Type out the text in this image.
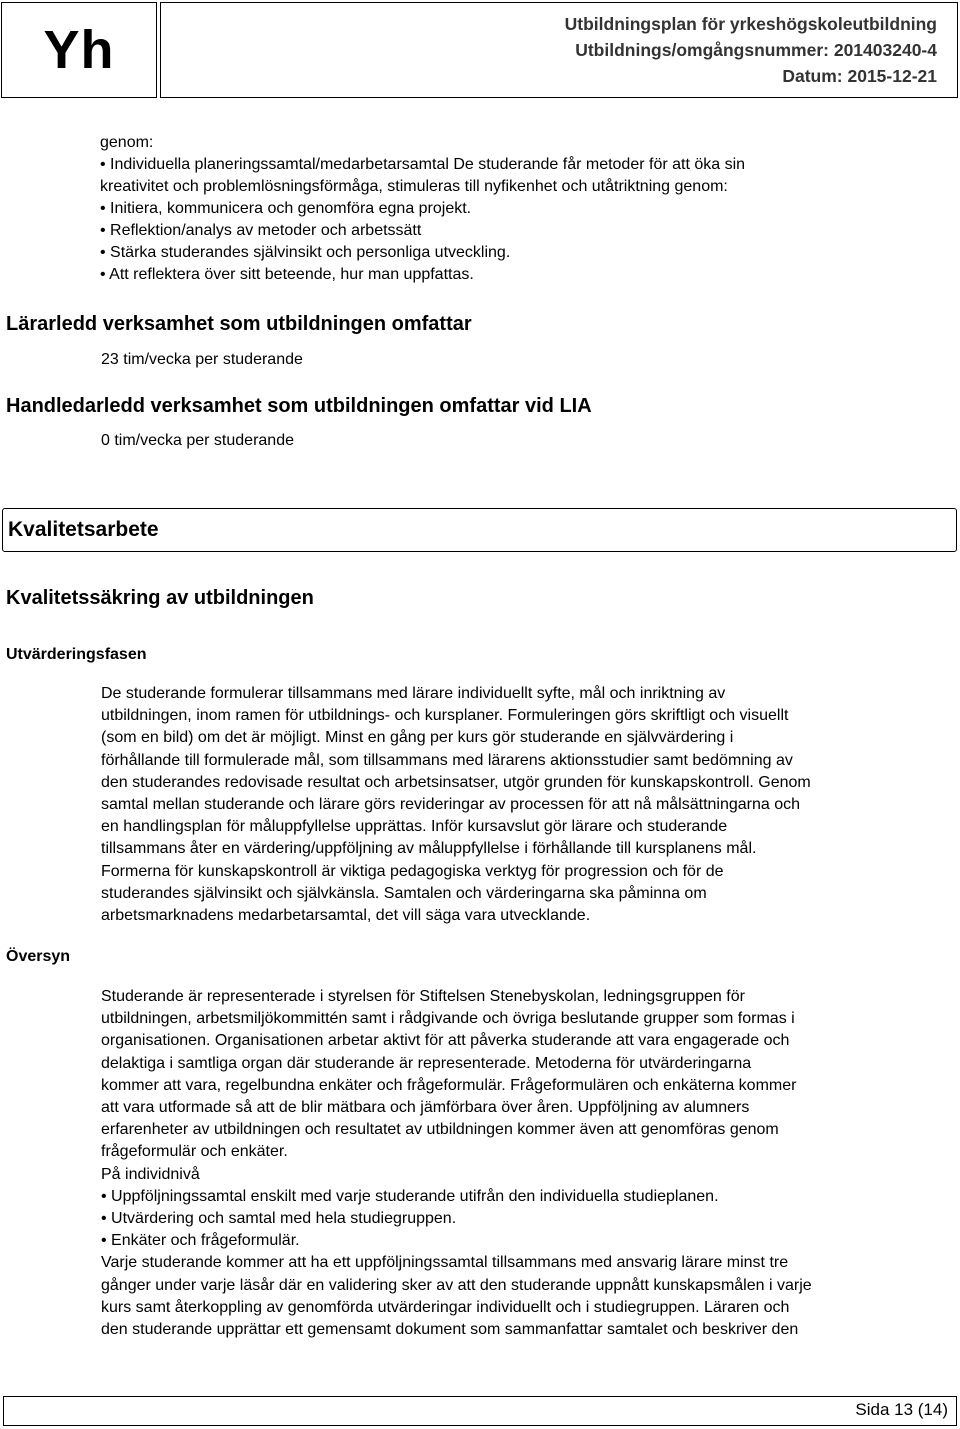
Yh	Utbildningsplan för yrkeshögskoleutbildning
Utbildnings/omgångsnummer: 201403240-4
Datum: 2015-12-21
genom:
• Individuella planeringssamtal/medarbetarsamtal De studerande får metoder för att öka sin
kreativitet och problemlösningsförmåga, stimuleras till nyfikenhet och utåtriktning genom:
• Initiera, kommunicera och genomföra egna projekt.
• Reflektion/analys av metoder och arbetssätt
• Stärka studerandes självinsikt och personliga utveckling.
• Att reflektera över sitt beteende, hur man uppfattas.
Lärarledd verksamhet som utbildningen omfattar
23 tim/vecka per studerande
Handledarledd verksamhet som utbildningen omfattar vid LIA
0 tim/vecka per studerande
Kvalitetsarbete
Kvalitetssäkring av utbildningen
Utvärderingsfasen
De studerande formulerar tillsammans med lärare individuellt syfte, mål och inriktning av
utbildningen, inom ramen för utbildnings- och kursplaner. Formuleringen görs skriftligt och visuellt
(som en bild) om det är möjligt. Minst en gång per kurs gör studerande en självvärdering i
förhållande till formulerade mål, som tillsammans med lärarens aktionsstudier samt bedömning av
den studerandes redovisade resultat och arbetsinsatser, utgör grunden för kunskapskontroll. Genom
samtal mellan studerande och lärare görs revideringar av processen för att nå målsättningarna och
en handlingsplan för måluppfyllelse upprättas. Inför kursavslut gör lärare och studerande
tillsammans åter en värdering/uppföljning av måluppfyllelse i förhållande till kursplanens mål.
Formerna för kunskapskontroll är viktiga pedagogiska verktyg för progression och för de
studerandes självinsikt och självkänsla. Samtalen och värderingarna ska påminna om
arbetsmarknadens medarbetarsamtal, det vill säga vara utvecklande.
Översyn
Studerande är representerade i styrelsen för Stiftelsen Stenebyskolan, ledningsgruppen för
utbildningen, arbetsmiljökommittén samt i rådgivande och övriga beslutande grupper som formas i
organisationen. Organisationen arbetar aktivt för att påverka studerande att vara engagerade och
delaktiga i samtliga organ där studerande är representerade. Metoderna för utvärderingarna
kommer att vara, regelbundna enkäter och frågeformulär. Frågeformulären och enkäterna kommer
att vara utformade så att de blir mätbara och jämförbara över åren. Uppföljning av alumners
erfarenheter av utbildningen och resultatet av utbildningen kommer även att genomföras genom
frågeformulär och enkäter.
På individnivå
• Uppföljningssamtal enskilt med varje studerande utifrån den individuella studieplanen.
• Utvärdering och samtal med hela studiegruppen.
• Enkäter och frågeformulär.
Varje studerande kommer att ha ett uppföljningssamtal tillsammans med ansvarig lärare minst tre
gånger under varje läsår där en validering sker av att den studerande uppnått kunskapsmålen i varje
kurs samt återkoppling av genomförda utvärderingar individuellt och i studiegruppen. Läraren och
den studerande upprättar ett gemensamt dokument som sammanfattar samtalet och beskriver den
Sida 13 (14)
